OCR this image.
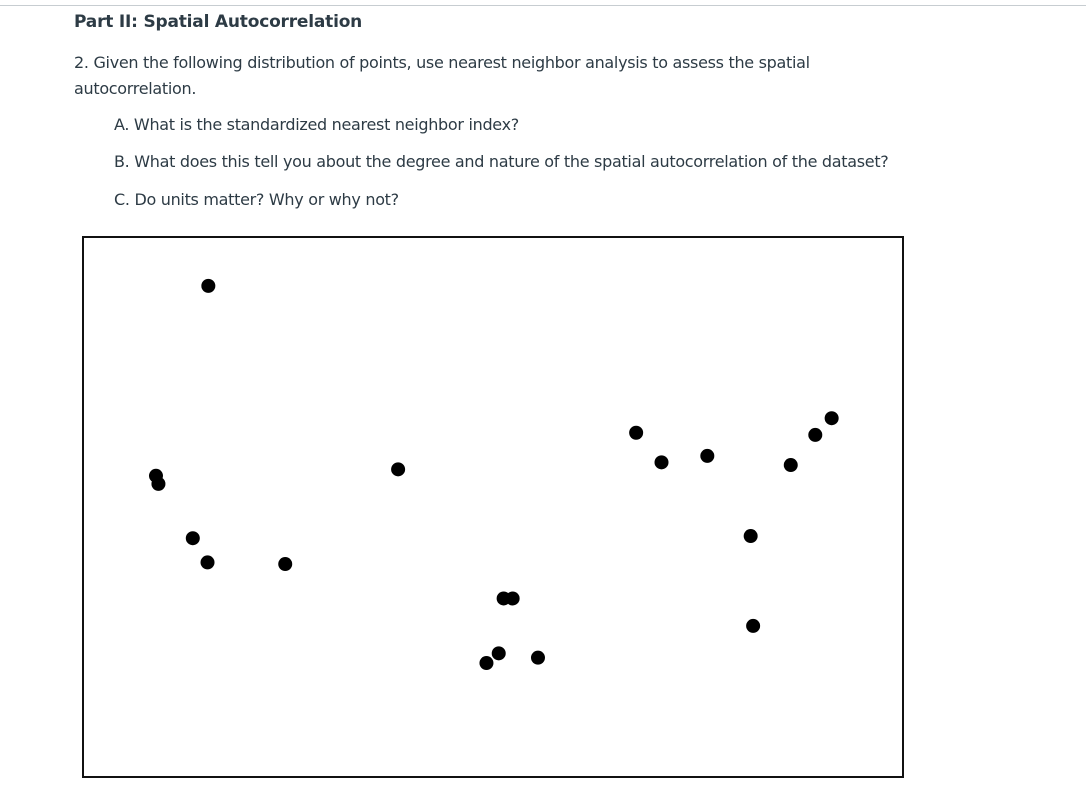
Part II: Spatial Autocorrelation
2. Given the following distribution of points, use nearest neighbor analysis to assess the spatial autocorrelation.
A. What is the standardized nearest neighbor index?
B. What does this tell you about the degree and nature of the spatial autocorrelation of the dataset?
C. Do units matter? Why or why not?
